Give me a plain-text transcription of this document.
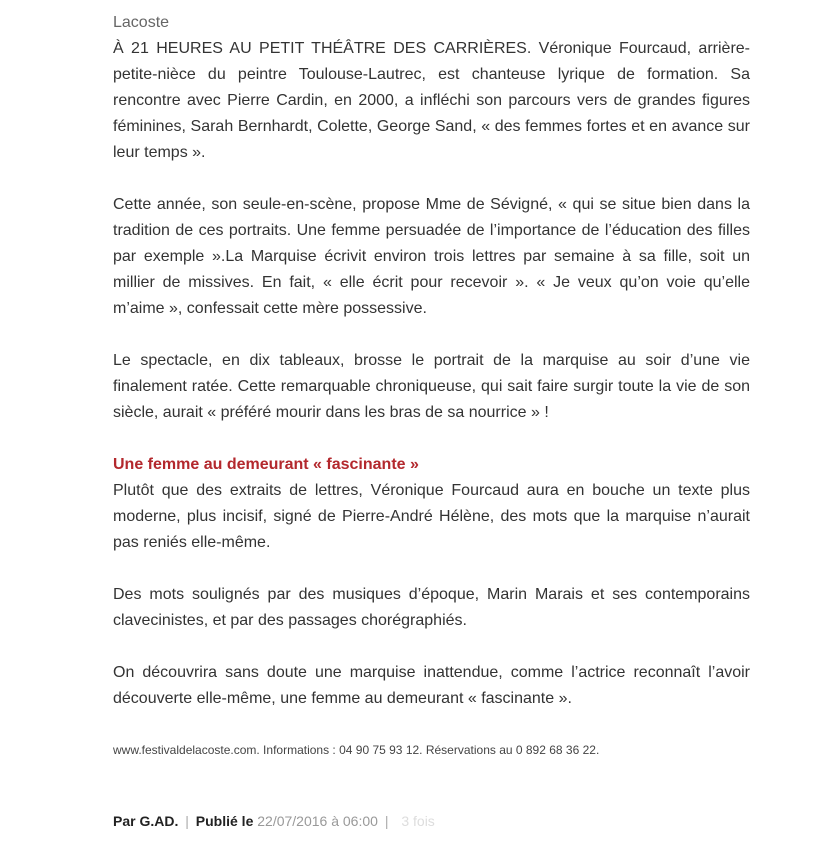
Lacoste

À 21 HEURES AU PETIT THÉÂTRE DES CARRIÈRES. Véronique Fourcaud, arrière-petite-nièce du peintre Toulouse-Lautrec, est chanteuse lyrique de formation. Sa rencontre avec Pierre Cardin, en 2000, a infléchi son parcours vers de grandes figures féminines, Sarah Bernhardt, Colette, George Sand, « des femmes fortes et en avance sur leur temps ».

Cette année, son seule-en-scène, propose Mme de Sévigné, « qui se situe bien dans la tradition de ces portraits. Une femme persuadée de l’importance de l’éducation des filles par exemple ».La Marquise écrivit environ trois lettres par semaine à sa fille, soit un millier de missives. En fait, « elle écrit pour recevoir ». « Je veux qu’on voie qu’elle m’aime », confessait cette mère possessive.

Le spectacle, en dix tableaux, brosse le portrait de la marquise au soir d’une vie finalement ratée. Cette remarquable chroniqueuse, qui sait faire surgir toute la vie de son siècle, aurait « préféré mourir dans les bras de sa nourrice » !

Une femme au demeurant « fascinante »

Plutôt que des extraits de lettres, Véronique Fourcaud aura en bouche un texte plus moderne, plus incisif, signé de Pierre-André Hélène, des mots que la marquise n’aurait pas reniés elle-même.

Des mots soulignés par des musiques d’époque, Marin Marais et ses contemporains clavecinistes, et par des passages chorégraphiés.

On découvrira sans doute une marquise inattendue, comme l’actrice reconnaît l’avoir découverte elle-même, une femme au demeurant « fascinante ».

www.festivaldelacoste.com. Informations : 04 90 75 93 12. Réservations au 0 892 68 36 22.

Par G.AD. | Publié le 22/07/2016 à 06:00 | 3 fois
